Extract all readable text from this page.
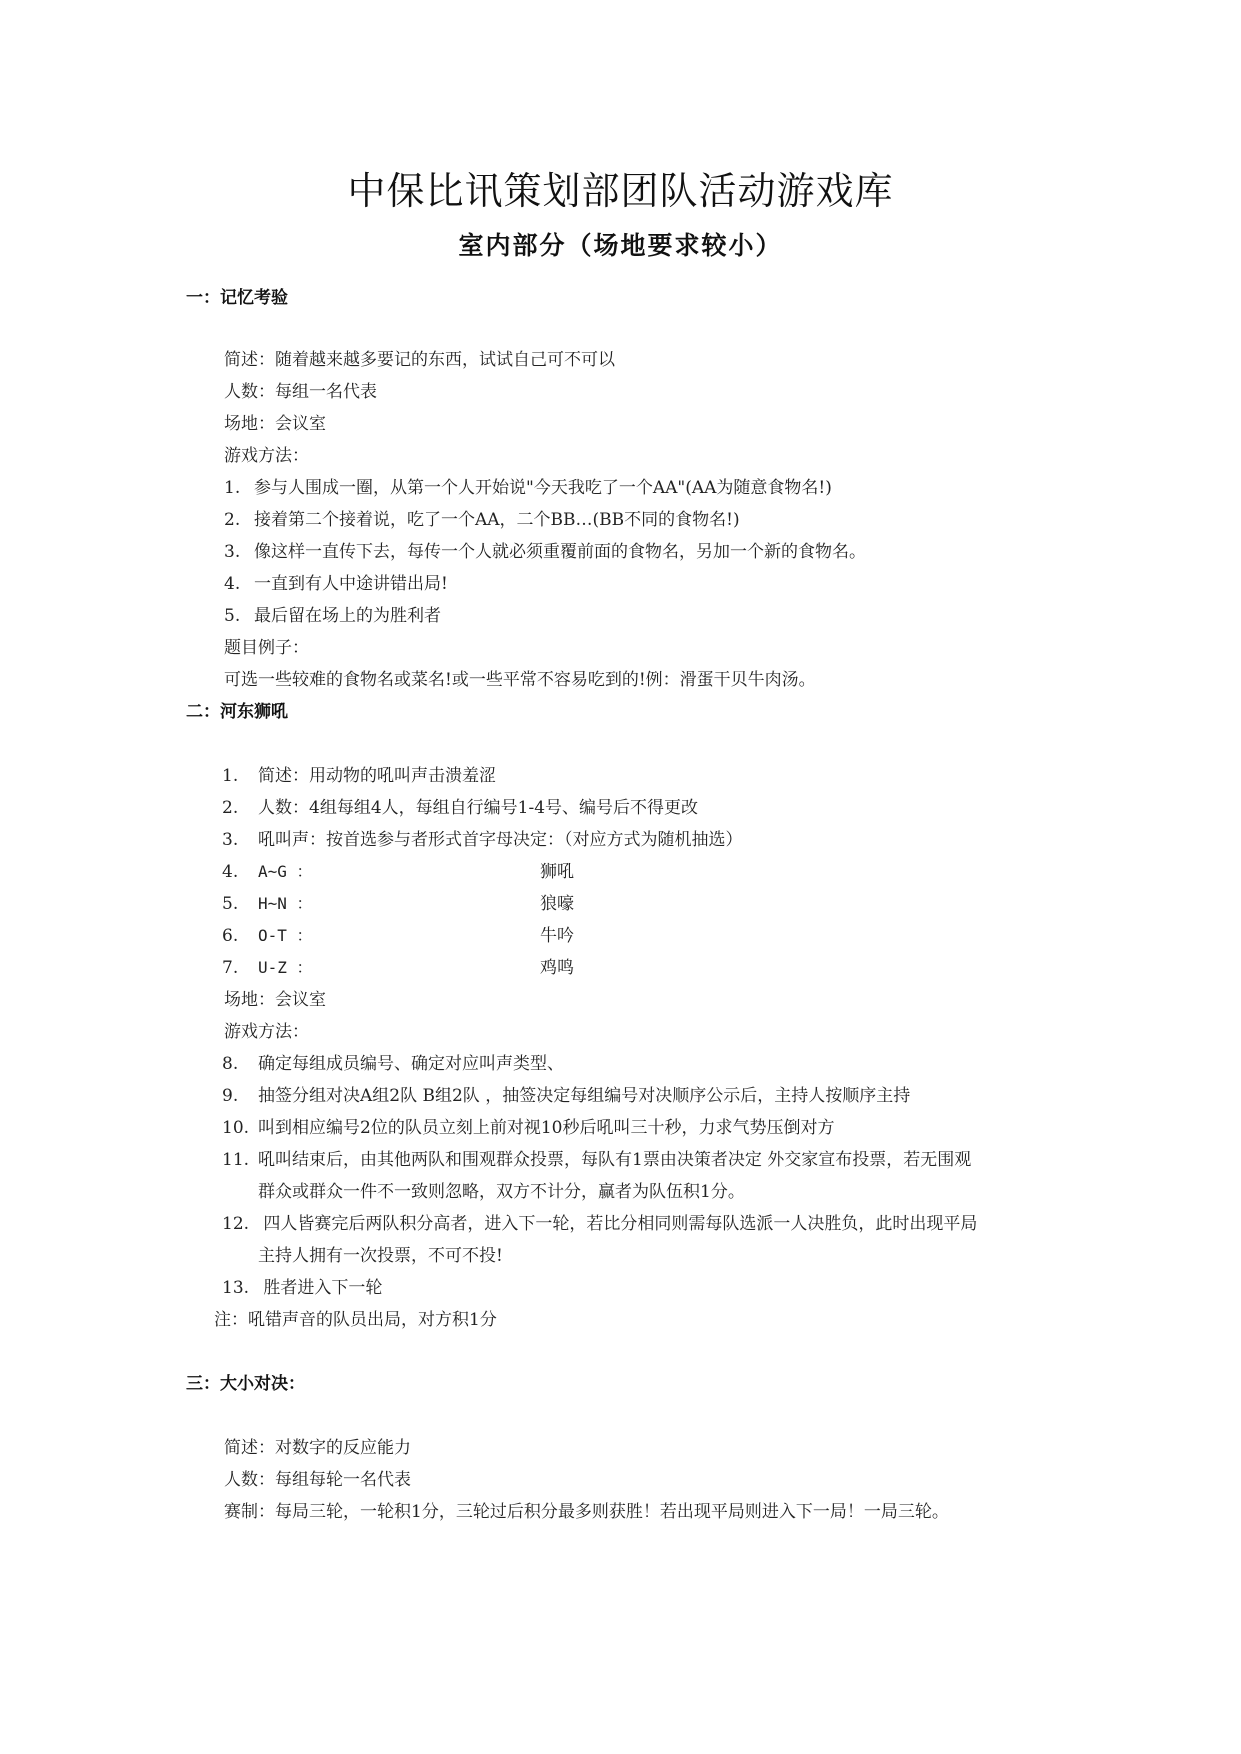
中保比讯策划部团队活动游戏库
室内部分（场地要求较小）
一：记忆考验
简述：随着越来越多要记的东西，试试自己可不可以
人数：每组一名代表
场地：会议室
游戏方法：
1. 参与人围成一圈，从第一个人开始说"今天我吃了一个AA"(AA为随意食物名!)
2. 接着第二个接着说，吃了一个AA，二个BB…(BB不同的食物名!)
3. 像这样一直传下去，每传一个人就必须重覆前面的食物名，另加一个新的食物名。
4. 一直到有人中途讲错出局!
5. 最后留在场上的为胜利者
题目例子：
可选一些较难的食物名或菜名!或一些平常不容易吃到的!例：滑蛋干贝牛肉汤。
二：河东狮吼
1. 简述：用动物的吼叫声击溃羞涩
2. 人数：4组每组4人，每组自行编号1-4号、编号后不得更改
3. 吼叫声：按首选参与者形式首字母决定：（对应方式为随机抽选）
4. A~G ：	狮吼
5. H~N ：	狼嚎
6. O-T ：	牛吟
7. U-Z ：	鸡鸣
场地：会议室
游戏方法：
8. 确定每组成员编号、确定对应叫声类型、
9. 抽签分组对决A组2队 B组2队 ，抽签决定每组编号对决顺序公示后，主持人按顺序主持
10. 叫到相应编号2位的队员立刻上前对视10秒后吼叫三十秒，力求气势压倒对方
11. 吼叫结束后，由其他两队和围观群众投票，每队有1票由决策者决定 外交家宣布投票，若无围观
群众或群众一件不一致则忽略，双方不计分，赢者为队伍积1分。
12. 四人皆赛完后两队积分高者，进入下一轮，若比分相同则需每队选派一人决胜负，此时出现平局
主持人拥有一次投票，不可不投!
13. 胜者进入下一轮
注：吼错声音的队员出局，对方积1分
三：大小对决：
简述：对数字的反应能力
人数：每组每轮一名代表
赛制：每局三轮，一轮积1分，三轮过后积分最多则获胜！若出现平局则进入下一局！一局三轮。
